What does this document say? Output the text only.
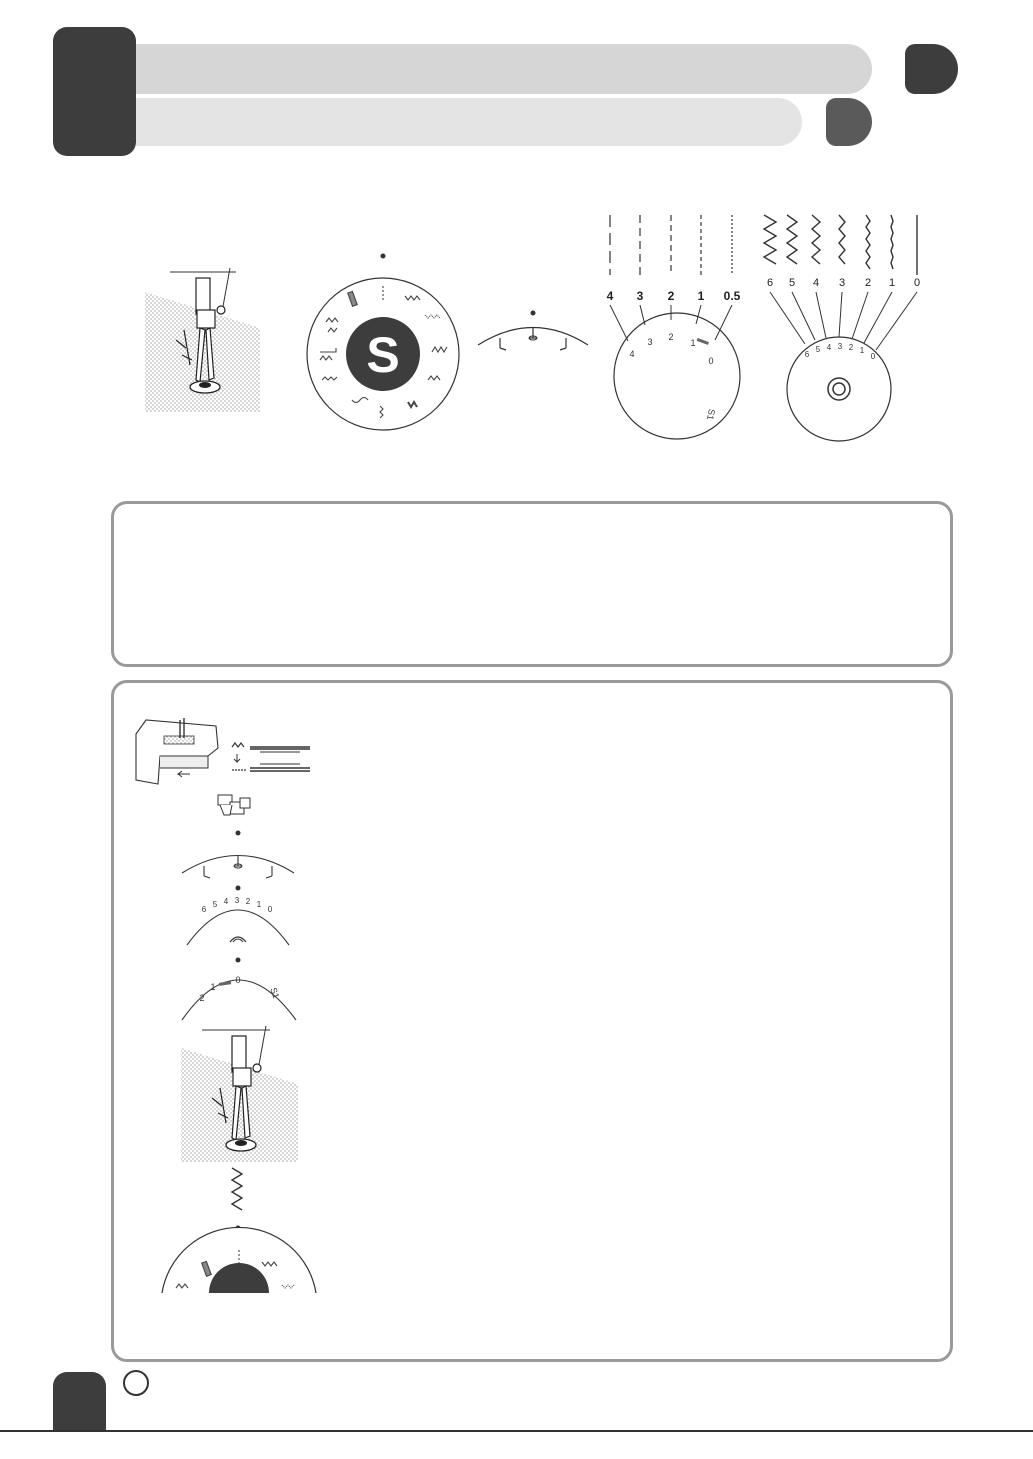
S
4 3 2 1 0.5
4
3 2
1
0
S1
6 5 4 3 2 1 0
6
5 4 3 2 1
0
6
5 4 3 2 1
0
2
1
0
S1
